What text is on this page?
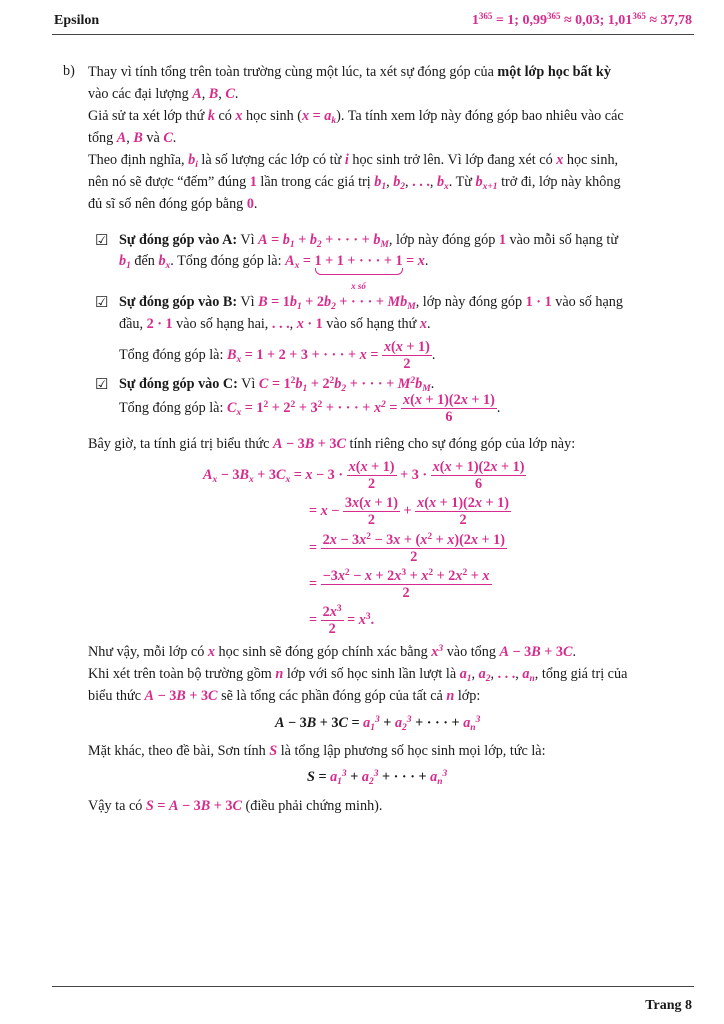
Epsilon	$1^{365} = 1$; $0,99^{365} \approx 0,03$; $1,01^{365} \approx 37,78$
b) Thay vì tính tổng trên toàn trường cùng một lúc, ta xét sự đóng góp của một lớp học bất kỳ
vào các đại lượng A, B, C.
Giả sử ta xét lớp thứ k có x học $\sinh (x = a_k)$. Ta tính xem lớp này đóng góp bao nhiêu vào các
tổng A, B và C.
Theo định nghĩa, $b_i$ là số lượng các lớp có từ i học sinh trở lên. Vì lớp đang xét có x học sinh,
nên nó sẽ được “đếm” đúng 1 lần trong các giá trị $b_1$, $b_2$, . . ., $b_x$. Từ $b_{x+1}$ trở đi, lớp này không
đủ sĩ số nên đóng góp bằng 0.
☑ Sự đóng góp vào A: Vì $A = b_1 + b_2$ + · · · + $b_M$, lớp này đóng góp 1 vào mỗi số hạng từ
$b_1$ đến $b_x$. Tổng đóng góp là: $A_x = 1 + 1$ + · · · + 1
x số
= x.
☑ Sự đóng góp vào B: Vì $B = 1b_1 + 2b_2$ + · · · + $Mb_M$, lớp này đóng góp 1 · 1 vào số hạng
đầu, 2 · 1 vào số hạng hai, . . ., x · 1 vào số hạng thứ x.
Tổng đóng góp là: $B_x = 1 + 2 + 3$ + · · · + $x = \frac{x(x + 1)}{2}$ .
☑ Sự đóng góp vào C: Vì $C = 1^2b_1 + 2^2b_2$ + · · · + $M^2b_M$.
Tổng đóng góp là: $C_x = 1^2 + 2^2 + 3^2$ + · · · + $x^2 = \frac{x(x + 1)(2x + 1)}{6}$ .
Bây giờ, ta tính giá trị biểu thức A − 3B + 3C tính riêng cho sự đóng góp của lớp này:
$A_x - 3B_x + 3C_x = x - 3 \cdot \frac{x(x + 1)}{2} + 3 \cdot \frac{x(x + 1)(2x + 1)}{6}$
= $x - \frac{3x(x + 1)}{2} + \frac{x(x + 1)(2x + 1)}{2}$
= $\frac{2x - 3x^2 - 3x + (x^2 + x)(2x + 1)}{2}$
= $\frac{-3x^2 - x + 2x^3 + x^2 + 2x^2 + x}{2}$
= $\frac{2x^3}{2} = x^3$.
Như vậy, mỗi lớp có x học sinh sẽ đóng góp chính xác bằng $x^3$ vào tổng A − 3B + 3C.
Khi xét trên toàn bộ trường gồm n lớp với số học sinh lần lượt là $a_1$, $a_2$, . . ., $a_n$, tổng giá trị của
biểu thức A − 3B + 3C sẽ là tổng các phần đóng góp của tất cả n lớp:
$A - 3B + 3C = a_1^3 + a_2^3$ + · · · + $a_n^3$
Mặt khác, theo đề bài, Sơn tính S là tổng lập phương số học sinh mọi lớp, tức là:
$S = a_1^3 + a_2^3$ + · · · + $a_n^3$
Vậy ta có S = A − 3B + 3C (điều phải chứng minh).
Trang 8
